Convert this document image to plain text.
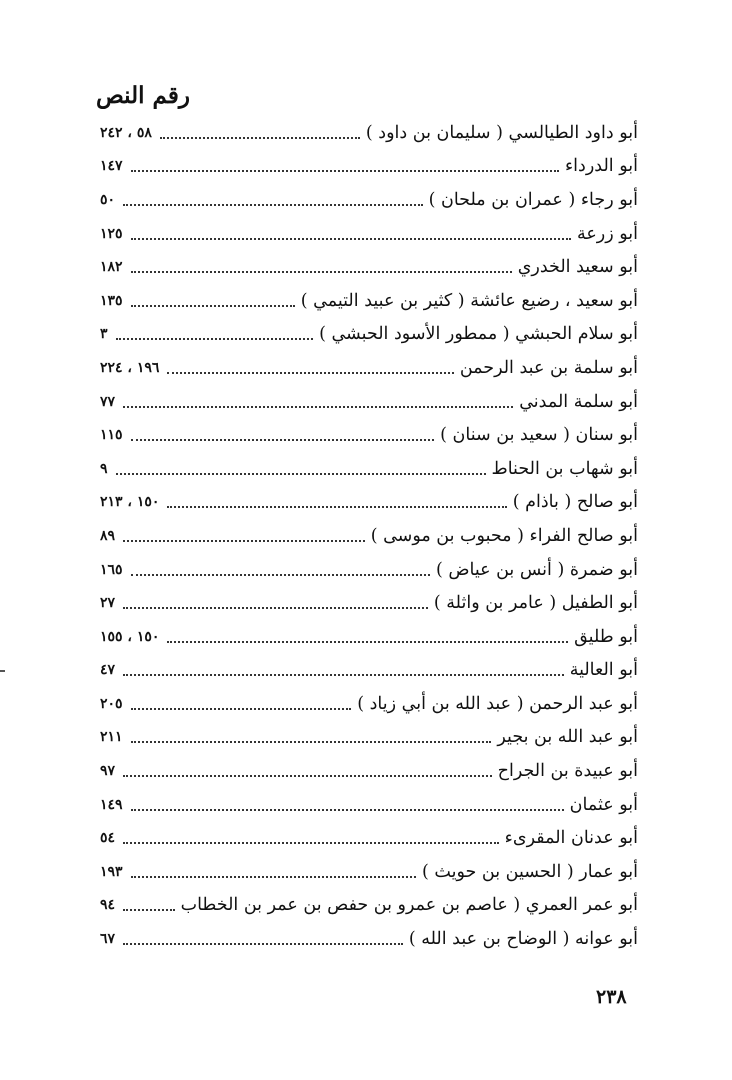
رقم النص
أبو داود الطيالسي ( سليمان بن داود )
٥٨ ، ٢٤٢
أبو الدرداء
١٤٧
أبو رجاء ( عمران بن ملحان )
٥٠
أبو زرعة
١٢٥
أبو سعيد الخدري
١٨٢
أبو سعيد ، رضيع عائشة ( كثير بن عبيد التيمي )
١٣٥
أبو سلام الحبشي ( ممطور الأسود الحبشي )
٣
أبو سلمة بن عبد الرحمن
١٩٦ ، ٢٢٤
أبو سلمة المدني
٧٧
أبو سنان ( سعيد بن سنان )
١١٥
أبو شهاب بن الحناط
٩
أبو صالح ( باذام )
١٥٠ ، ٢١٣
أبو صالح الفراء ( محبوب بن موسى )
٨٩
أبو ضمرة ( أنس بن عياض )
١٦٥
أبو الطفيل ( عامر بن واثلة )
٢٧
أبو طليق
١٥٠ ، ١٥٥
أبو العالية
٤٧
أبو عبد الرحمن ( عبد الله بن أبي زياد )
٢٠٥
أبو عبد الله بن بجير
٢١١
أبو عبيدة بن الجراح
٩٧
أبو عثمان
١٤٩
أبو عدنان المقرىء
٥٤
أبو عمار ( الحسين بن حويث )
١٩٣
أبو عمر العمري ( عاصم بن عمرو بن حفص بن عمر بن الخطاب
٩٤
أبو عوانه ( الوضاح بن عبد الله )
٦٧
٢٣٨
